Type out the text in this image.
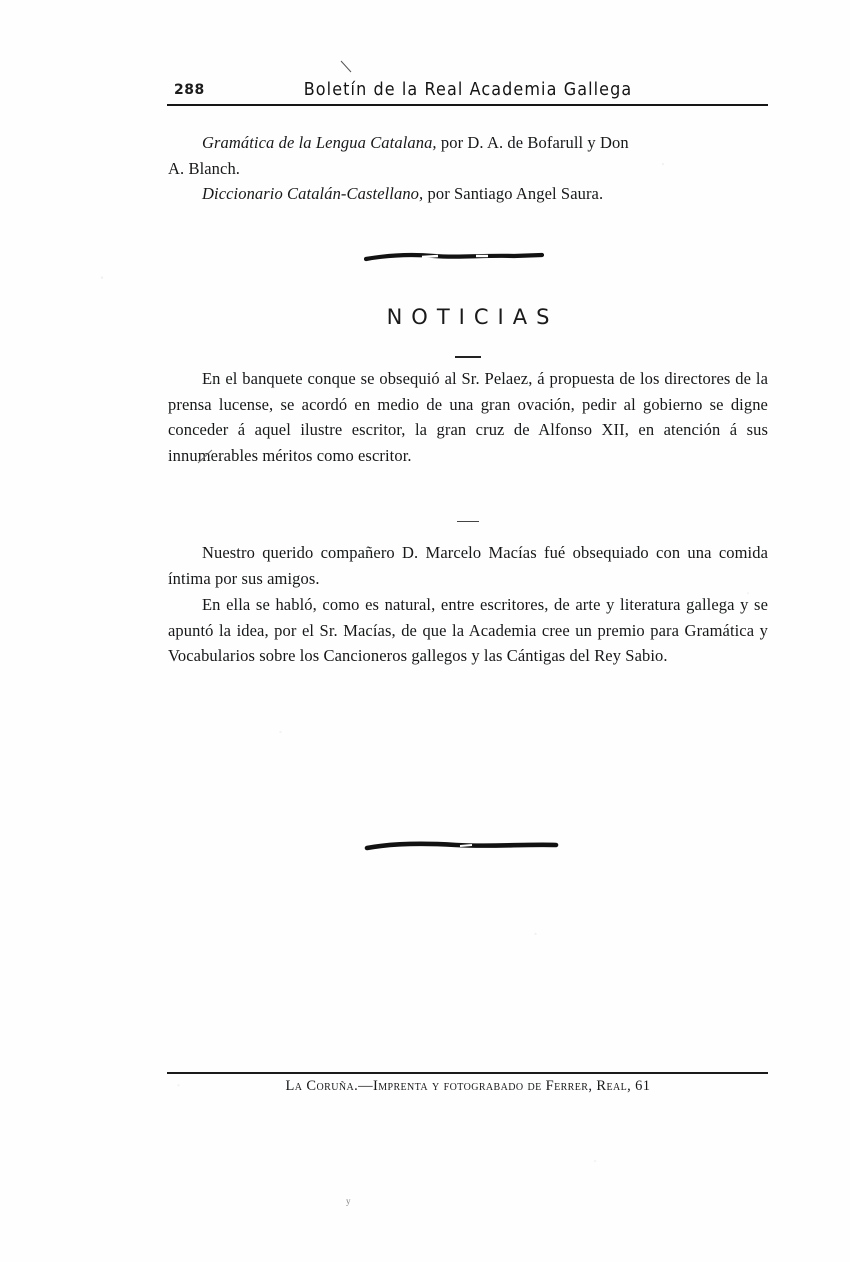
288	Boletín de la Real Academia Gallega
Gramática de la Lengua Catalana, por D. A. de Bofarull y Don
A. Blanch.
Diccionario Catalán-Castellano, por Santiago Angel Saura.
NOTICIAS
En el banquete conque se obsequió al Sr. Pelaez, á propuesta de los directores de la prensa lucense, se acordó en medio de una gran ovación, pedir al gobierno se digne conceder á aquel ilustre escritor, la gran cruz de Alfonso XII, en atención á sus innumerables méritos como escritor.
Nuestro querido compañero D. Marcelo Macías fué obsequiado con una comida íntima por sus amigos.
En ella se habló, como es natural, entre escritores, de arte y literatura gallega y se apuntó la idea, por el Sr. Macías, de que la Academia cree un premio para Gramática y Vocabularios sobre los Cancioneros gallegos y las Cántigas del Rey Sabio.
La Coruña.—Imprenta y fotograbado de Ferrer, Real, 61
y
